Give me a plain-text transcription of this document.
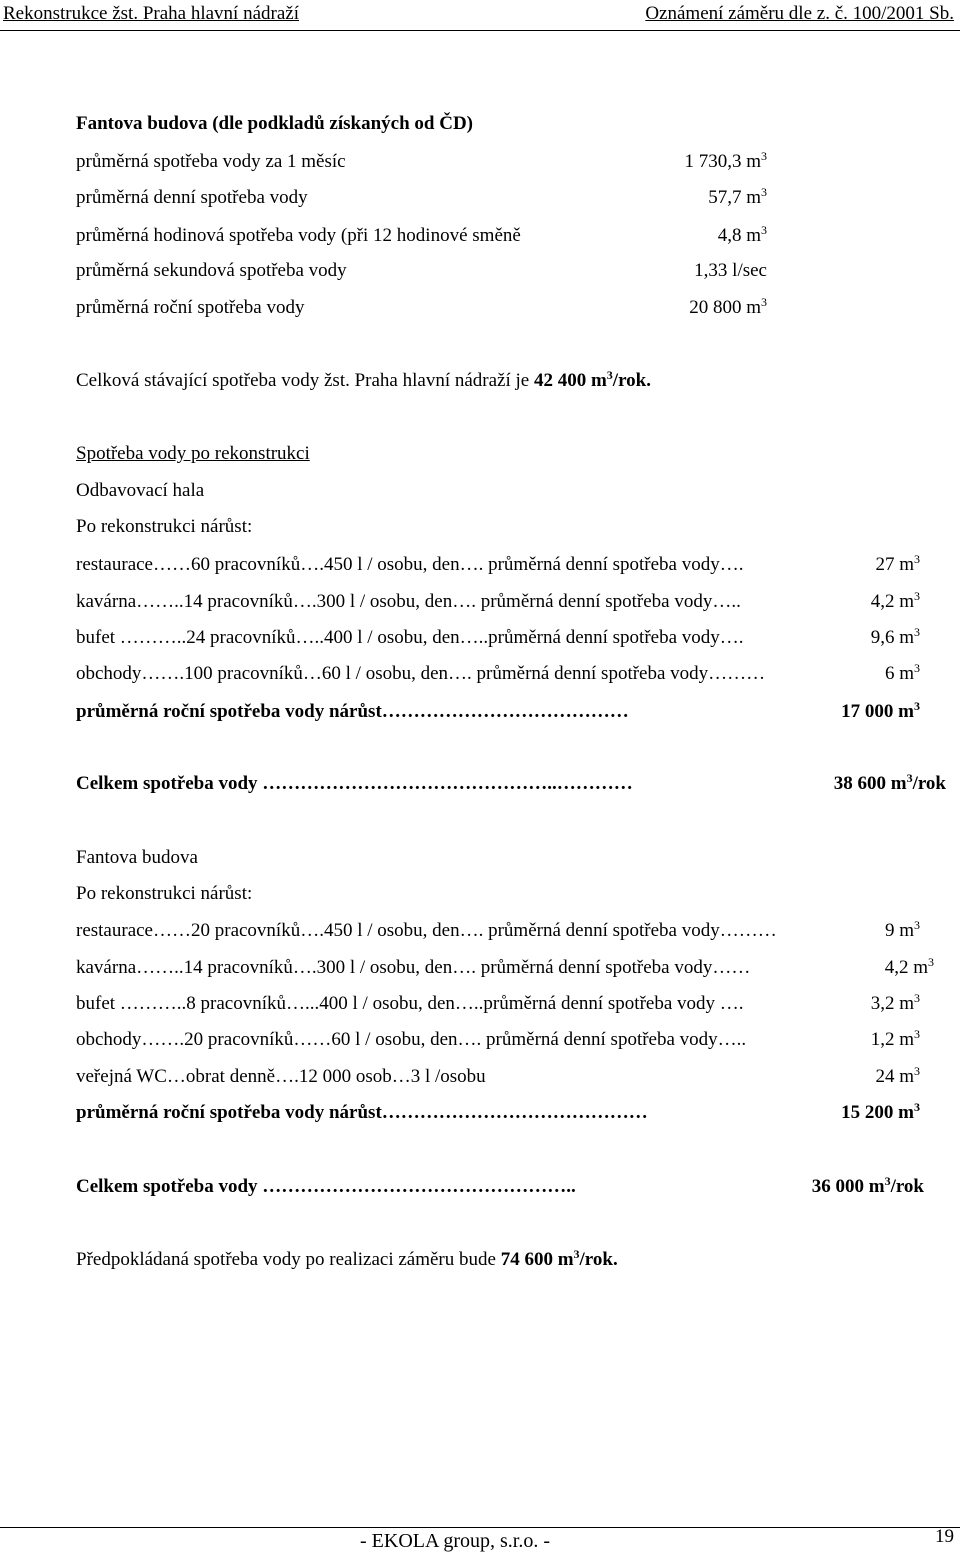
Rekonstrukce žst. Praha hlavní nádraží	Oznámení záměru dle z. č. 100/2001 Sb.
Fantova budova (dle podkladů získaných od ČD)
průměrná spotřeba vody za 1 měsíc	1 730,3 $m^3$
průměrná denní spotřeba vody	57,7 $m^3$
průměrná hodinová spotřeba vody (při 12 hodinové směně	4,8 $m^3$
průměrná sekundová spotřeba vody	1,33 l/sec
průměrná roční spotřeba vody	20 800 $m^3$
Celková stávající spotřeba vody žst. Praha hlavní nádraží je 42 400 $m^3$/rok.
Spotřeba vody po rekonstrukci
Odbavovací hala
Po rekonstrukci nárůst:
restaurace……60 pracovníků….450 l / osobu, den…. průměrná denní spotřeba vody….	27 $m^3$
kavárna……..14 pracovníků….300 l / osobu, den…. průměrná denní spotřeba vody…..	4,2 $m^3$
bufet ………..24 pracovníků…..400 l / osobu, den…..průměrná denní spotřeba vody….	9,6 $m^3$
obchody…….100 pracovníků…60 l / osobu, den…. průměrná denní spotřeba vody………	6 $m^3$
průměrná roční spotřeba vody nárůst…………………………………	17 000 $m^3$
Celkem spotřeba vody ………………………………………..…………	38 600 $m^3$/rok
Fantova budova
Po rekonstrukci nárůst:
restaurace……20 pracovníků….450 l / osobu, den…. průměrná denní spotřeba vody………	9 $m^3$
kavárna……..14 pracovníků….300 l / osobu, den…. průměrná denní spotřeba vody……	4,2 $m^3$
bufet ………..8 pracovníků…...400 l / osobu, den…..průměrná denní spotřeba vody ….	3,2 $m^3$
obchody…….20 pracovníků……60 l / osobu, den…. průměrná denní spotřeba vody…..	1,2 $m^3$
veřejná WC…obrat denně….12 000 osob…3 l /osobu	24 $m^3$
průměrná roční spotřeba vody nárůst……………………………………	15 200 $m^3$
Celkem spotřeba vody …………………………………………..	36 000 $m^3$/rok
Předpokládaná spotřeba vody po realizaci záměru bude 74 600 $m^3$/rok.
- EKOLA group, s.r.o. -	19
